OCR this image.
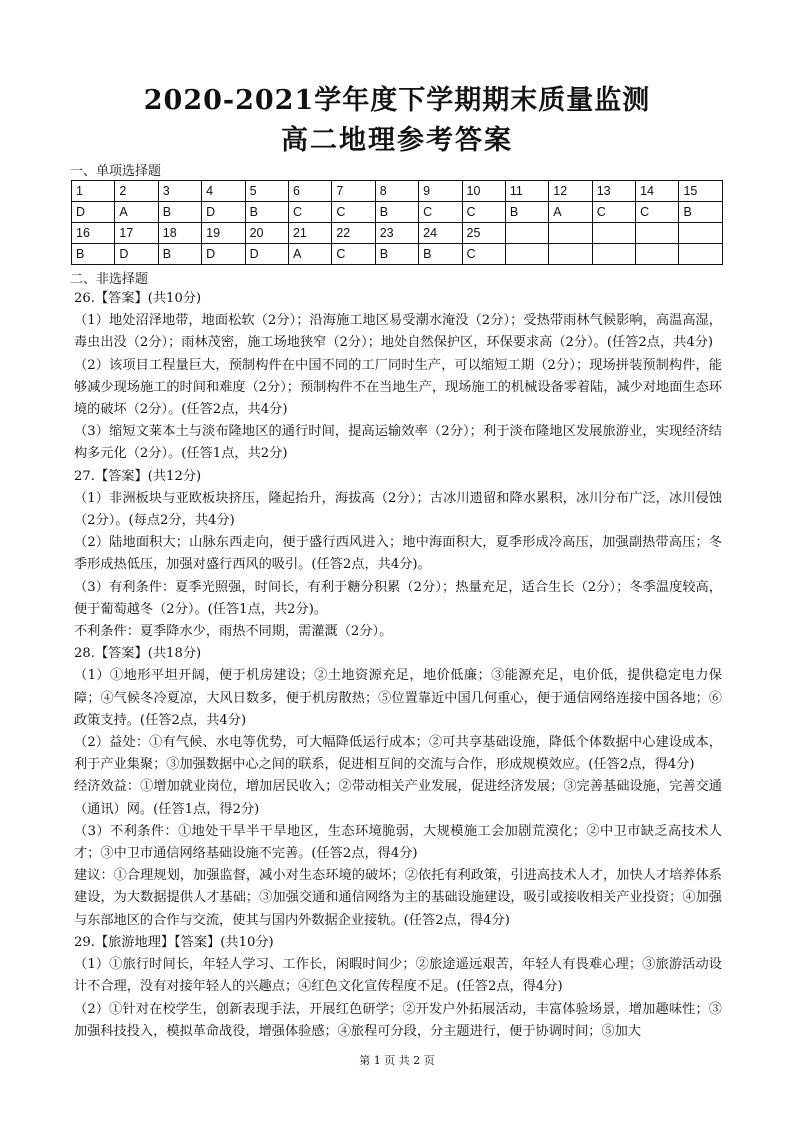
2020-2021学年度下学期期末质量监测
高二地理参考答案
一、单项选择题
1	2	3	4	5	6	7	8	9	10	11	12	13	14	15
D	A	B	D	B	C	C	B	C	C	B	A	C	C	B
16	17	18	19	20	21	22	23	24	25					
B	D	B	D	D	A	C	B	B	C					
二、非选择题

26.【答案】(共10分)

（1）地处沼泽地带，地面松软（2分）；沿海施工地区易受潮水淹没（2分）；受热带雨林气候影响，高温高湿，毒虫出没（2分）；雨林茂密，施工场地狭窄（2分）；地处自然保护区，环保要求高（2分）。(任答2点，共4分)

（2）该项目工程量巨大，预制构件在中国不同的工厂同时生产，可以缩短工期（2分）；现场拼装预制构件，能够减少现场施工的时间和难度（2分）；预制构件不在当地生产，现场施工的机械设备零着陆，减少对地面生态环境的破坏（2分）。(任答2点，共4分)

（3）缩短文莱本土与淡布隆地区的通行时间，提高运输效率（2分）；利于淡布隆地区发展旅游业，实现经济结构多元化（2分）。(任答1点，共2分)

27.【答案】(共12分)

（1）非洲板块与亚欧板块挤压，隆起抬升，海拔高（2分）；古冰川遗留和降水累积，冰川分布广泛，冰川侵蚀（2分）。(每点2分，共4分)

（2）陆地面积大；山脉东西走向，便于盛行西风进入；地中海面积大，夏季形成冷高压，加强副热带高压；冬季形成热低压，加强对盛行西风的吸引。(任答2点，共4分)。

（3）有利条件：夏季光照强，时间长，有利于糖分积累（2分）；热量充足，适合生长（2分）；冬季温度较高，便于葡萄越冬（2分）。(任答1点，共2分)。

不利条件：夏季降水少，雨热不同期，需灌溉（2分）。

28.【答案】(共18分)

（1）①地形平坦开阔，便于机房建设；②土地资源充足，地价低廉；③能源充足，电价低，提供稳定电力保障；④气候冬冷夏凉，大风日数多，便于机房散热；⑤位置靠近中国几何重心，便于通信网络连接中国各地；⑥政策支持。(任答2点，共4分)

（2）益处：①有气候、水电等优势，可大幅降低运行成本；②可共享基础设施，降低个体数据中心建设成本，利于产业集聚；③加强数据中心之间的联系，促进相互间的交流与合作，形成规模效应。(任答2点，得4分)

经济效益：①增加就业岗位，增加居民收入；②带动相关产业发展，促进经济发展；③完善基础设施，完善交通（通讯）网。(任答1点，得2分)

（3）不利条件：①地处干旱半干旱地区，生态环境脆弱，大规模施工会加剧荒漠化；②中卫市缺乏高技术人才；③中卫市通信网络基础设施不完善。(任答2点，得4分)

建议：①合理规划，加强监督，减小对生态环境的破坏；②依托有利政策，引进高技术人才，加快人才培养体系建设，为大数据提供人才基础；③加强交通和通信网络为主的基础设施建设，吸引或接收相关产业投资；④加强与东部地区的合作与交流，使其与国内外数据企业接轨。(任答2点，得4分)

29.【旅游地理】【答案】(共10分)

（1）①旅行时间长，年轻人学习、工作长，闲暇时间少；②旅途遥远艰苦，年轻人有畏难心理；③旅游活动设计不合理，没有对接年轻人的兴趣点；④红色文化宣传程度不足。(任答2点，得4分)

（2）①针对在校学生，创新表现手法，开展红色研学；②开发户外拓展活动，丰富体验场景，增加趣味性；③加强科技投入，模拟革命战役，增强体验感；④旅程可分段，分主题进行，便于协调时间；⑤加大

第 1 页 共 2 页
